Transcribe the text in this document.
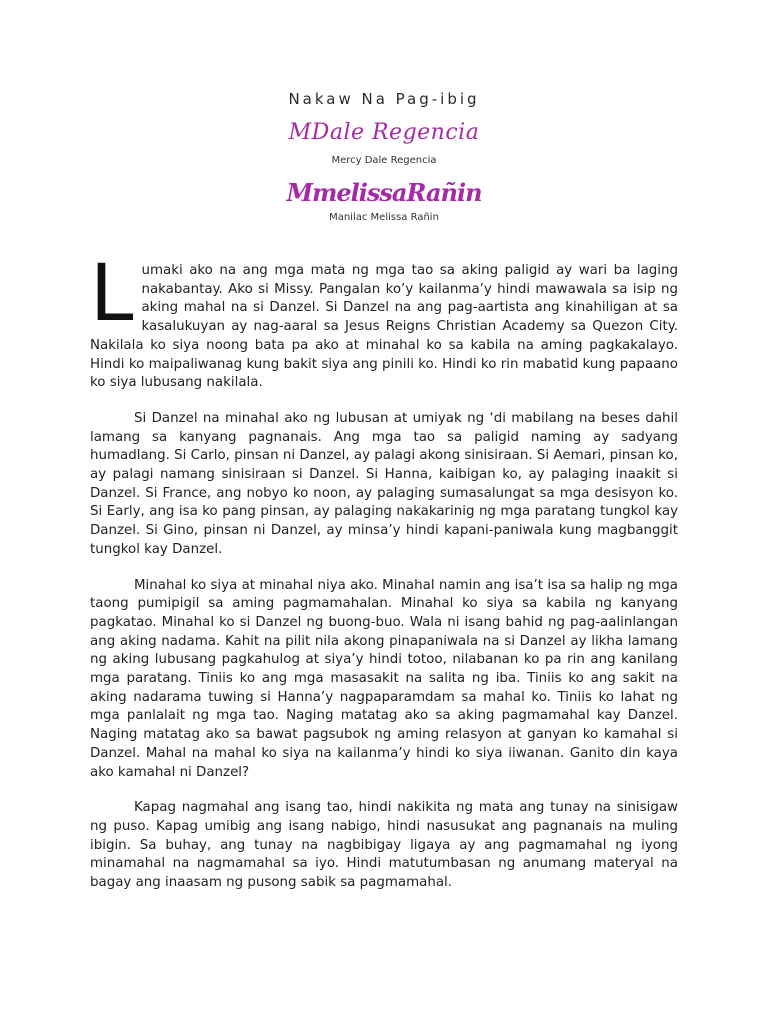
Nakaw Na Pag-ibig
MDale Regencia
Mercy Dale Regencia
MmelissaRañin
Manilac Melissa Rañin

Lumaki ako na ang mga mata ng mga tao sa aking paligid ay wari ba laging nakabantay. Ako si Missy. Pangalan ko’y kailanma’y hindi mawawala sa isip ng aking mahal na si Danzel. Si Danzel na ang pag-aartista ang kinahiligan at sa kasalukuyan ay nag-aaral sa Jesus Reigns Christian Academy sa Quezon City. Nakilala ko siya noong bata pa ako at minahal ko sa kabila na aming pagkakalayo. Hindi ko maipaliwanag kung bakit siya ang pinili ko. Hindi ko rin mabatid kung papaano ko siya lubusang nakilala.

Si Danzel na minahal ako ng lubusan at umiyak ng ‘di mabilang na beses dahil lamang sa kanyang pagnanais. Ang mga tao sa paligid naming ay sadyang humadlang. Si Carlo, pinsan ni Danzel, ay palagi akong sinisiraan. Si Aemari, pinsan ko, ay palagi namang sinisiraan si Danzel. Si Hanna, kaibigan ko, ay palaging inaakit si Danzel. Si France, ang nobyo ko noon, ay palaging sumasalungat sa mga desisyon ko. Si Early, ang isa ko pang pinsan, ay palaging nakakarinig ng mga paratang tungkol kay Danzel. Si Gino, pinsan ni Danzel, ay minsa’y hindi kapani-paniwala kung magbanggit tungkol kay Danzel.

Minahal ko siya at minahal niya ako. Minahal namin ang isa’t isa sa halip ng mga taong pumipigil sa aming pagmamahalan. Minahal ko siya sa kabila ng kanyang pagkatao. Minahal ko si Danzel ng buong-buo. Wala ni isang bahid ng pag-aalinlangan ang aking nadama. Kahit na pilit nila akong pinapaniwala na si Danzel ay likha lamang ng aking lubusang pagkahulog at siya’y hindi totoo, nilabanan ko pa rin ang kanilang mga paratang. Tiniis ko ang mga masasakit na salita ng iba. Tiniis ko ang sakit na aking nadarama tuwing si Hanna’y nagpaparamdam sa mahal ko. Tiniis ko lahat ng mga panlalait ng mga tao. Naging matatag ako sa aking pagmamahal kay Danzel. Naging matatag ako sa bawat pagsubok ng aming relasyon at ganyan ko kamahal si Danzel. Mahal na mahal ko siya na kailanma’y hindi ko siya iiwanan. Ganito din kaya ako kamahal ni Danzel?

Kapag nagmahal ang isang tao, hindi nakikita ng mata ang tunay na sinisigaw ng puso. Kapag umibig ang isang nabigo, hindi nasusukat ang pagnanais na muling ibigin. Sa buhay, ang tunay na nagbibigay ligaya ay ang pagmamahal ng iyong minamahal na nagmamahal sa iyo. Hindi matutumbasan ng anumang materyal na bagay ang inaasam ng pusong sabik sa pagmamahal.
